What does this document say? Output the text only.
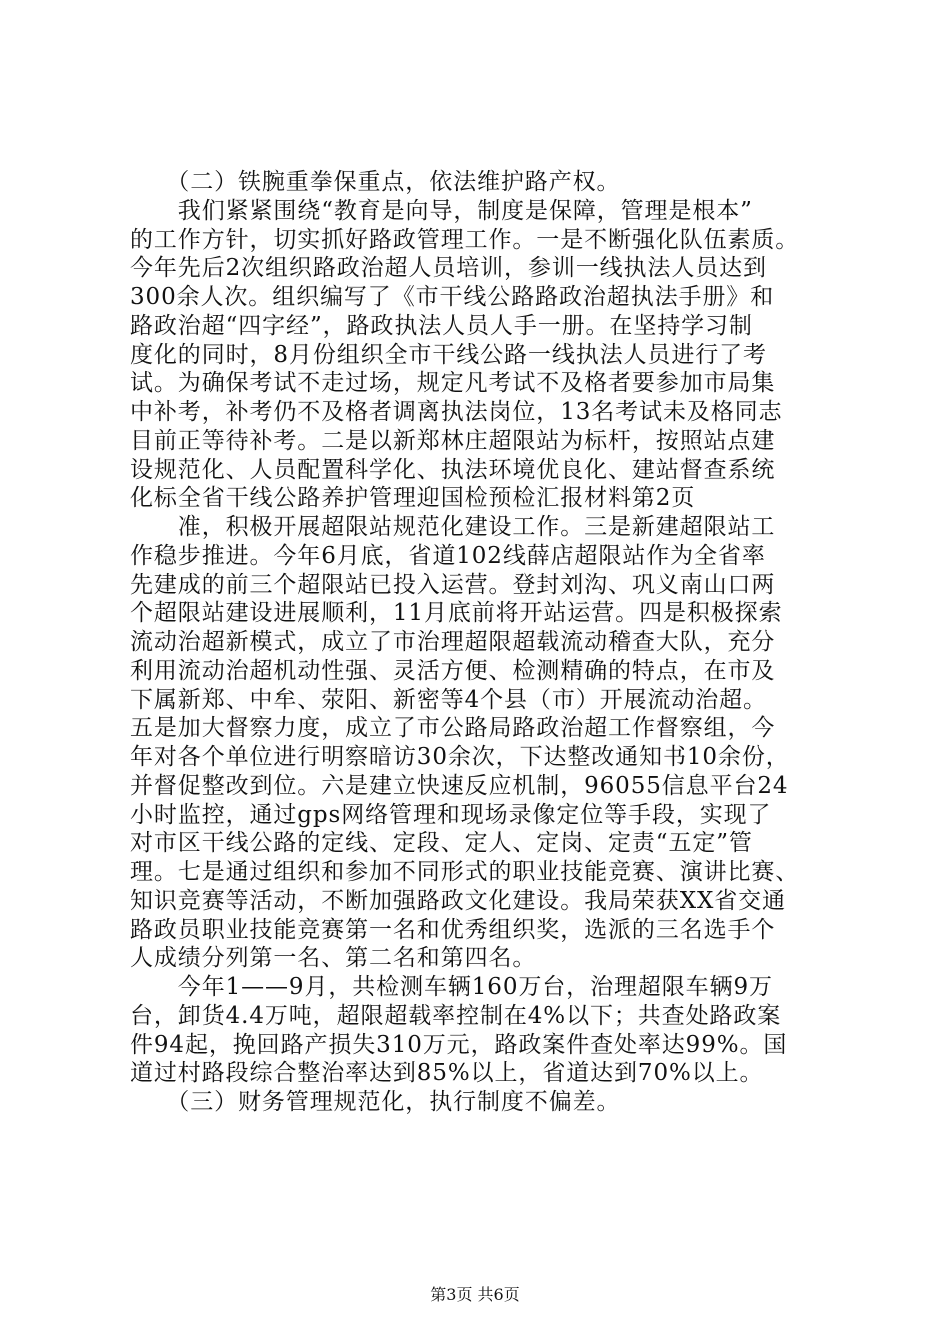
　　（二）铁腕重拳保重点，依法维护路产权。
　　我们紧紧围绕“教育是向导，制度是保障，管理是根本”
的工作方针，切实抓好路政管理工作。一是不断强化队伍素质。
今年先后2次组织路政治超人员培训，参训一线执法人员达到
300余人次。组织编写了《市干线公路路政治超执法手册》和
路政治超“四字经”，路政执法人员人手一册。在坚持学习制
度化的同时，8月份组织全市干线公路一线执法人员进行了考
试。为确保考试不走过场，规定凡考试不及格者要参加市局集
中补考，补考仍不及格者调离执法岗位，13名考试未及格同志
目前正等待补考。二是以新郑林庄超限站为标杆，按照站点建
设规范化、人员配置科学化、执法环境优良化、建站督查系统
化标全省干线公路养护管理迎国检预检汇报材料第2页
　　准，积极开展超限站规范化建设工作。三是新建超限站工
作稳步推进。今年6月底，省道102线薛店超限站作为全省率
先建成的前三个超限站已投入运营。登封刘沟、巩义南山口两
个超限站建设进展顺利，11月底前将开站运营。四是积极探索
流动治超新模式，成立了市治理超限超载流动稽查大队，充分
利用流动治超机动性强、灵活方便、检测精确的特点，在市及
下属新郑、中牟、荥阳、新密等4个县（市）开展流动治超。
五是加大督察力度，成立了市公路局路政治超工作督察组，今
年对各个单位进行明察暗访30余次，下达整改通知书10余份，
并督促整改到位。六是建立快速反应机制，96055信息平台24
小时监控，通过gps网络管理和现场录像定位等手段，实现了
对市区干线公路的定线、定段、定人、定岗、定责“五定”管
理。七是通过组织和参加不同形式的职业技能竞赛、演讲比赛、
知识竞赛等活动，不断加强路政文化建设。我局荣获XX省交通
路政员职业技能竞赛第一名和优秀组织奖，选派的三名选手个
人成绩分列第一名、第二名和第四名。
　　今年1——9月，共检测车辆160万台，治理超限车辆9万
台，卸货4.4万吨，超限超载率控制在4%以下；共查处路政案
件94起，挽回路产损失310万元，路政案件查处率达99%。国
道过村路段综合整治率达到85%以上，省道达到70%以上。
　　（三）财务管理规范化，执行制度不偏差。
第3页 共6页
